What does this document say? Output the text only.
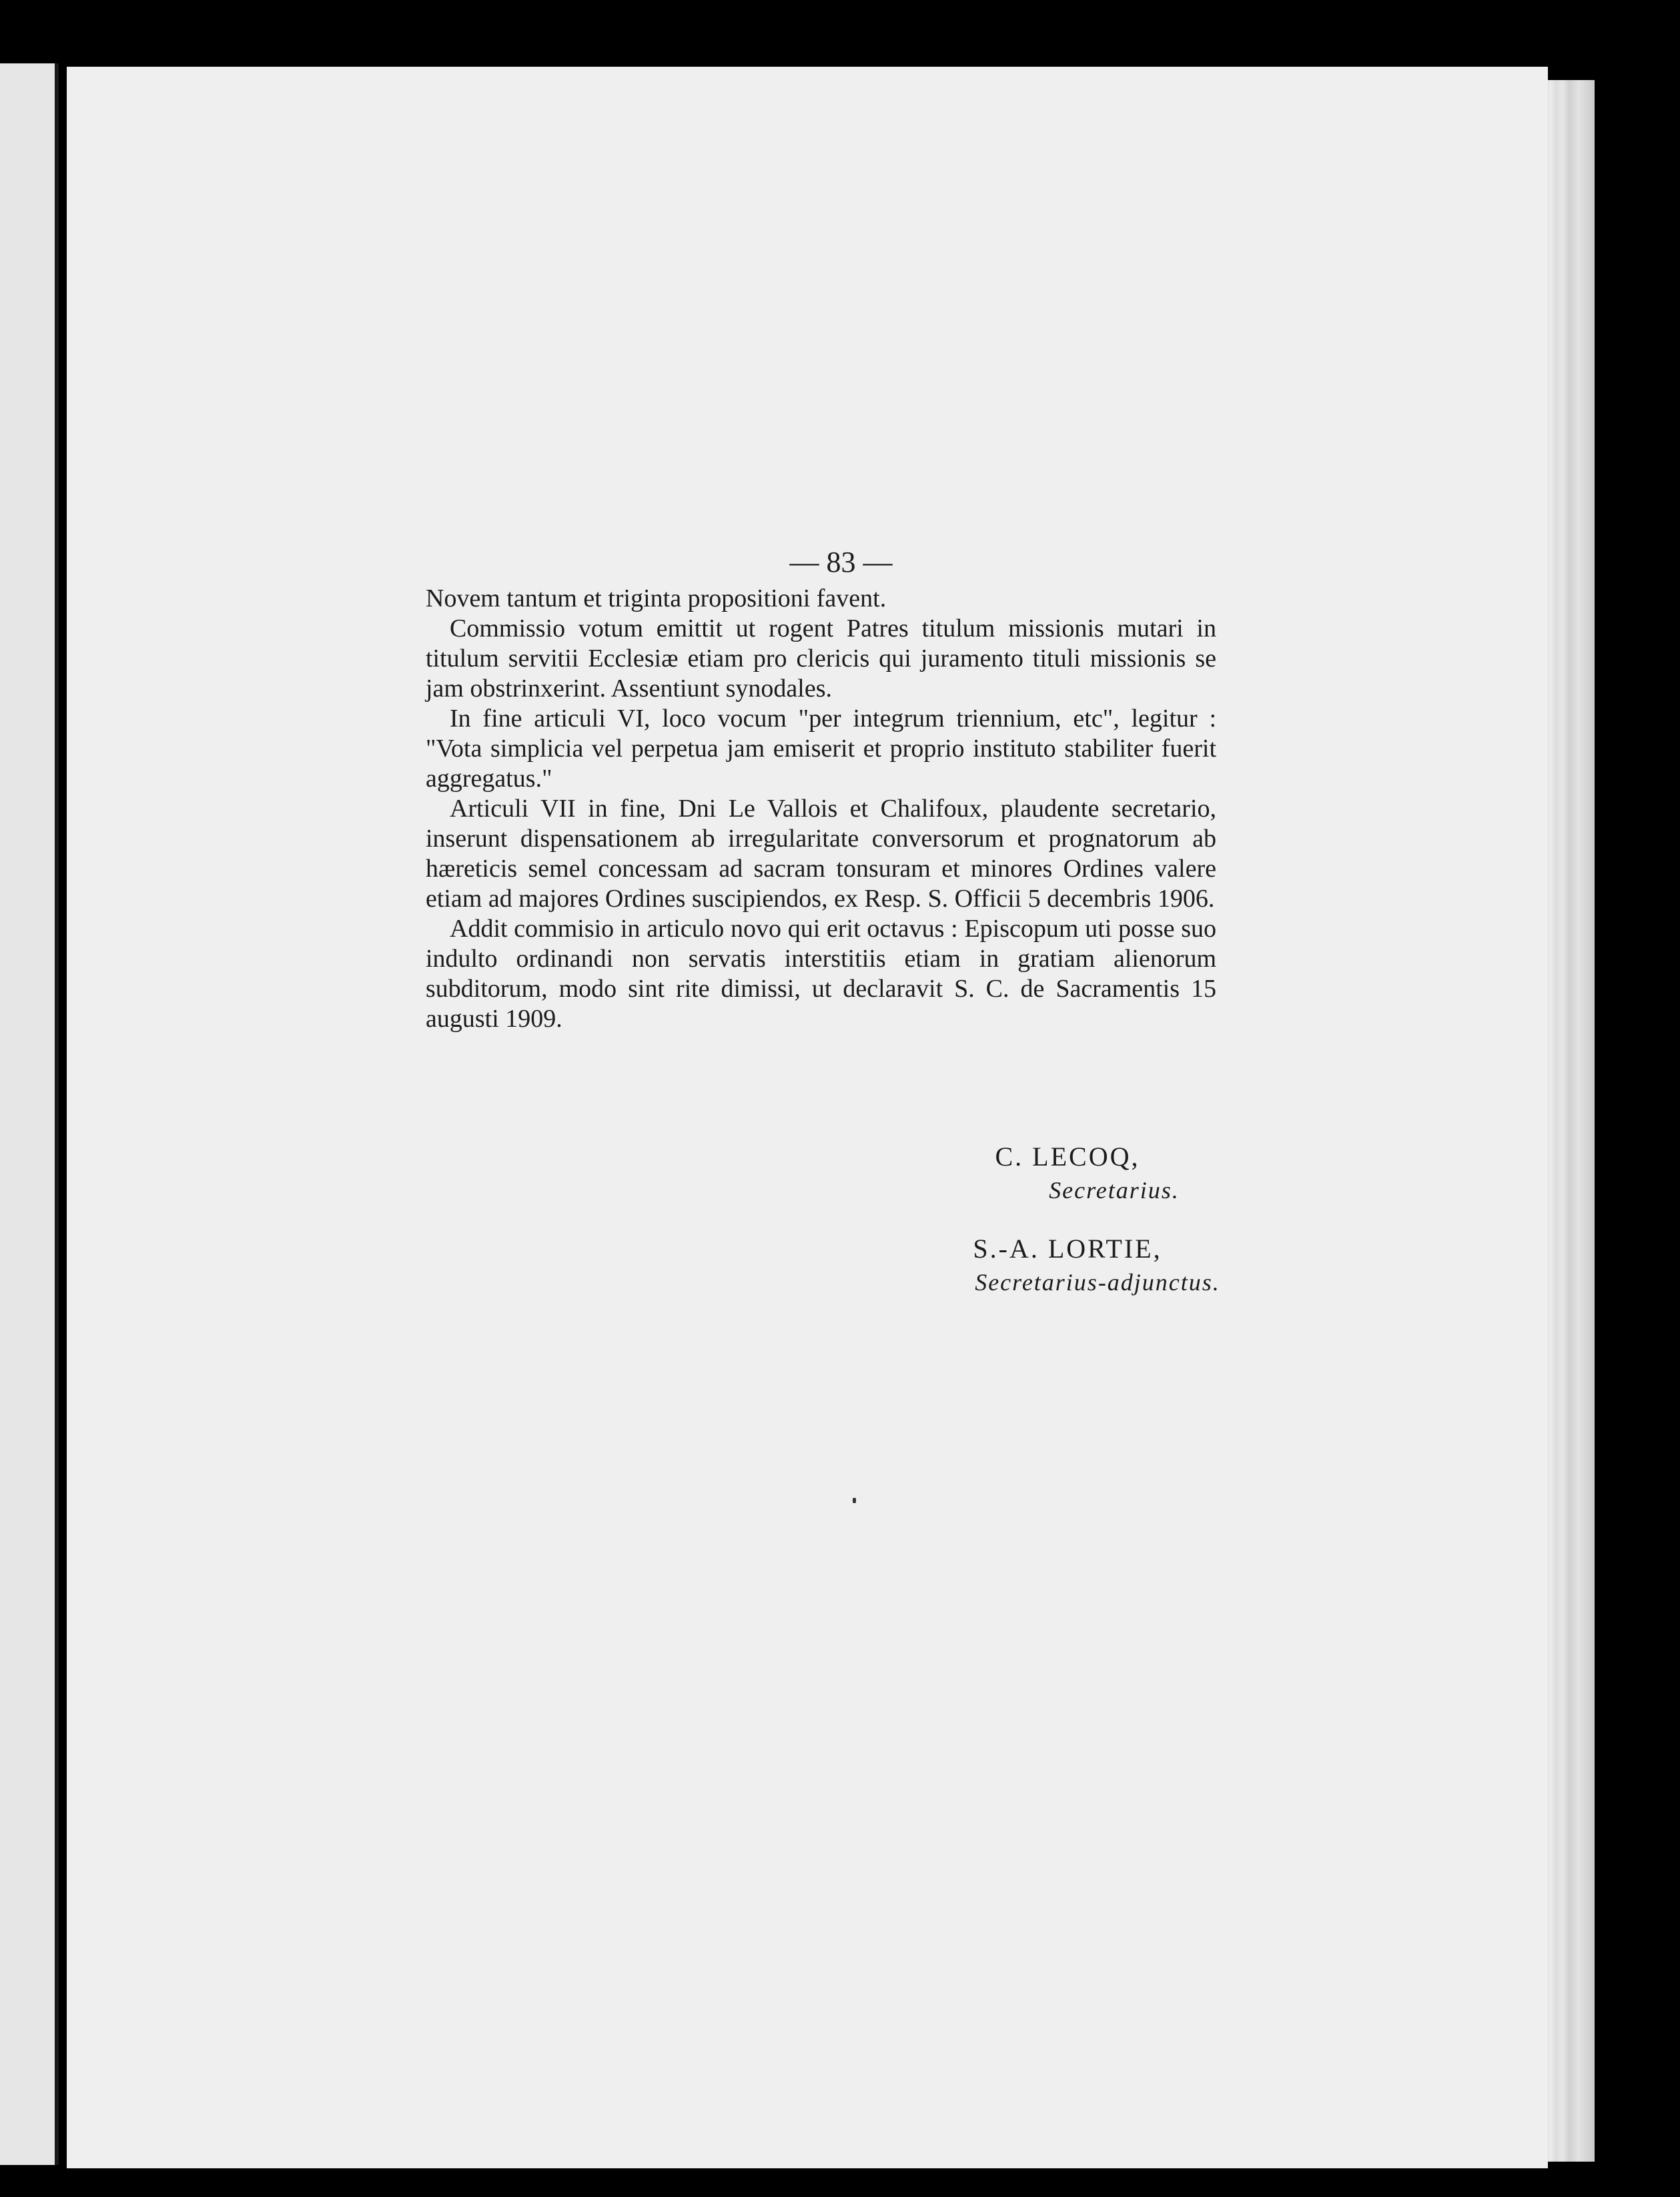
— 83 —

Novem tantum et triginta propositioni favent.

Commissio votum emittit ut rogent Patres titulum missionis mutari in titulum servitii Ecclesiæ etiam pro clericis qui juramento tituli missionis se jam obstrinxerint. Assentiunt synodales.

In fine articuli VI, loco vocum "per integrum triennium, etc", legitur : "Vota simplicia vel perpetua jam emiserit et proprio instituto stabiliter fuerit aggregatus."

Articuli VII in fine, Dni Le Vallois et Chalifoux, plaudente secretario, inserunt dispensationem ab irregularitate conversorum et prognatorum ab hæreticis semel concessam ad sacram tonsuram et minores Ordines valere etiam ad majores Ordines suscipiendos, ex Resp. S. Officii 5 decembris 1906.

Addit commisio in articulo novo qui erit octavus : Episcopum uti posse suo indulto ordinandi non servatis interstitiis etiam in gratiam alienorum subditorum, modo sint rite dimissi, ut declaravit S. C. de Sacramentis 15 augusti 1909.

C. LECOQ,
Secretarius.
S.-A. LORTIE,
Secretarius-adjunctus.
